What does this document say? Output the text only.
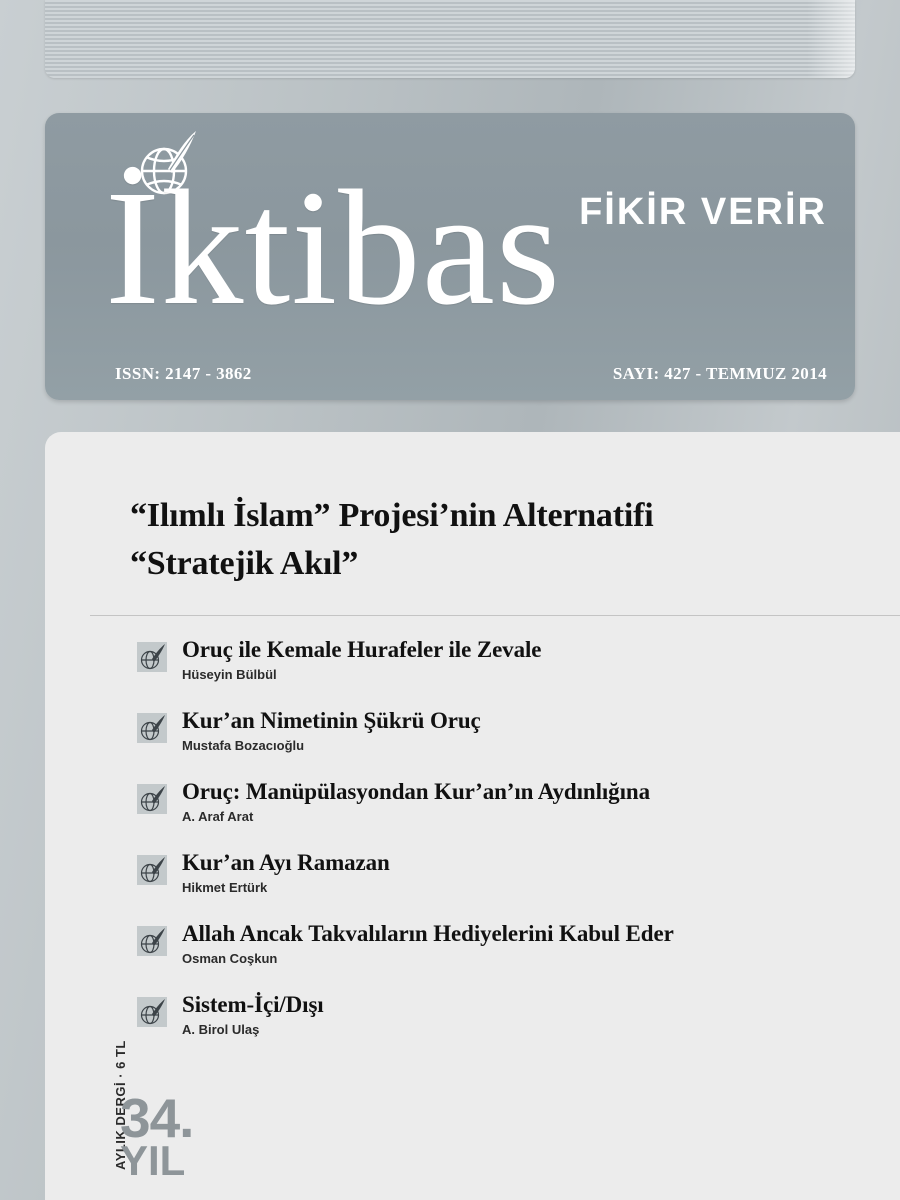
İktibas FİKİR VERİR
ISSN: 2147 - 3862	SAYI: 427 - TEMMUZ 2014
“Ilımlı İslam” Projesi’nin Alternatifi
“Stratejik Akıl”
Oruç ile Kemale Hurafeler ile Zevale
Hüseyin Bülbül
Kur’an Nimetinin Şükrü Oruç
Mustafa Bozacıoğlu
Oruç: Manüpülasyondan Kur’an’ın Aydınlığına
A. Araf Arat
Kur’an Ayı Ramazan
Hikmet Ertürk
Allah Ancak Takvalıların Hediyelerini Kabul Eder
Osman Coşkun
Sistem-İçi/Dışı
A. Birol Ulaş
AYLIK DERGİ · 6 TL
34.
YIL
